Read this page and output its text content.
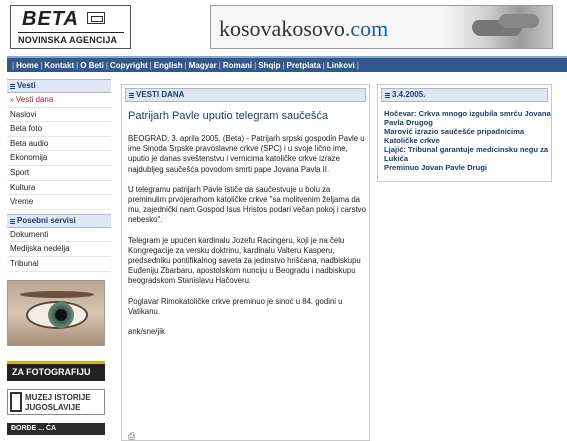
BETA
NOVINSKA AGENCIJA	kosovakosovo.com
| Home | Kontakt | O Beti | Copyright | English | Magyar | Romani | Shqip | Pretplata | Linkovi |
Vesti
» Vesti dana
Naslovi
Beta foto
Beta audio
Ekonomija
Sport
Kultura
Vreme
Posebni servisi
Dokumenti
Medijska nedelja
Tribunal
ZA FOTOGRAFIJU
MUZEJ ISTORIJE
JUGOSLAVIJE
ĐORĐE ... ĆA
VESTI DANA
Patrijarh Pavle uputio telegram saučešća

BEOGRAD, 3. aprila 2005. (Beta) - Patrijarh srpski gospodin Pavle u ime Sinoda Srpske pravoslavne crkve (SPC) i u svoje lično ime, uputio je danas sveštenstvu i vernicima katoličke crkve izraze najdubljeg saučešća povodom smrti pape Jovana Pavla II.

U telegramu patrijarh Pavle ističe da saučestvuje u bolu za preminulim prvojerarhom katoličke crkve "sa molitvenim željama da mu, zajednički nam Gospod Isus Hristos podari večan pokoj i carstvo nebesko".

Telegram je upućen kardinalu Jozefu Racingeru, koji je na čelu Kongregacije za versku doktrinu, kardinalu Valteru Kasperu, predsedniku pontifikalnog saveta za jedinstvo hrišćana, nadbiskupu Euđeniju Zbarbaru, apostolskom nunciju u Beogradu i nadbiskupu beogradskom Stanislavu Hačoveru.

Poglavar Rimokatoličke crkve preminuo je sinoć u 84. godini u Vatikanu.

ank/sne/jik
⎙
3.4.2005.
Hočevar: Crkva mnogo izgubila smrću Jovana Pavla Drugog
Marović izrazio saučešće pripadnicima Katoličke crkve
Ljajić: Tribunal garantuje medicinsku negu za Lukića
Preminuo Jovan Pavle Drugi
